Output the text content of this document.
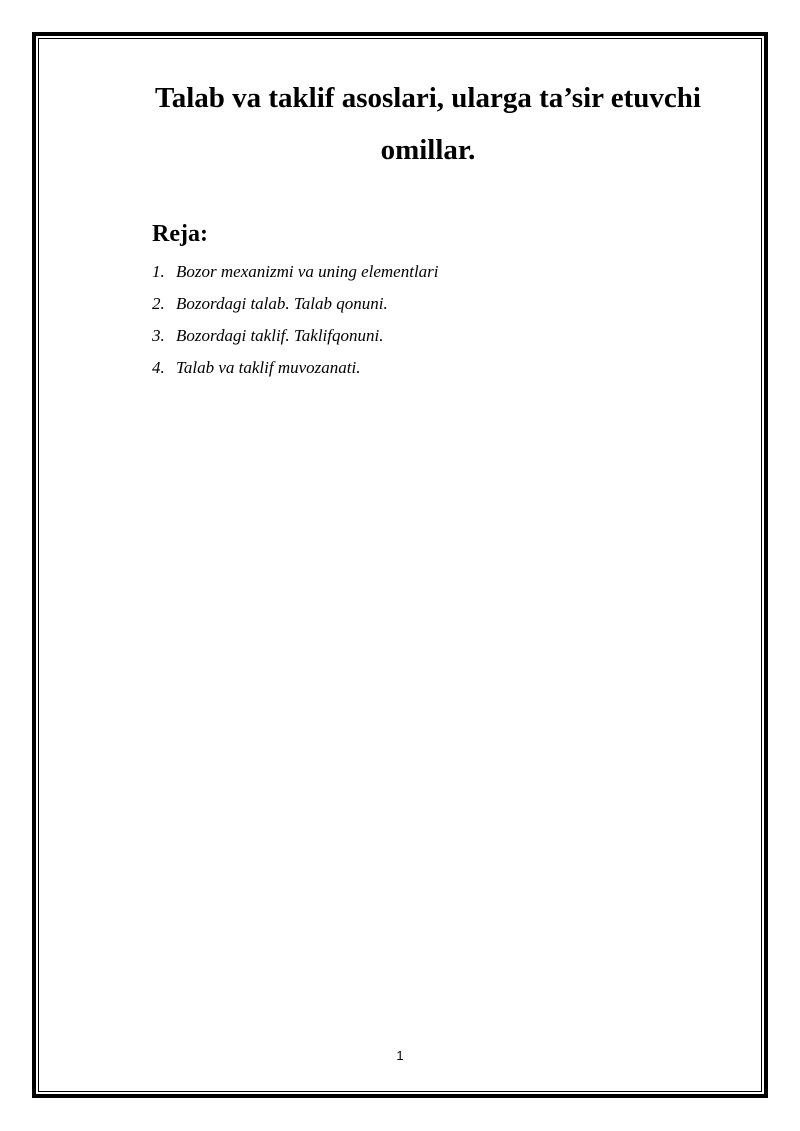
Talab va taklif asoslari, ularga ta’sir etuvchi omillar.
Reja:
1. Bozor mexanizmi va uning elementlari
2. Bozordagi talab. Talab qonuni.
3. Bozordagi taklif. Taklifqonuni.
4. Talab va taklif muvozanati.
1
